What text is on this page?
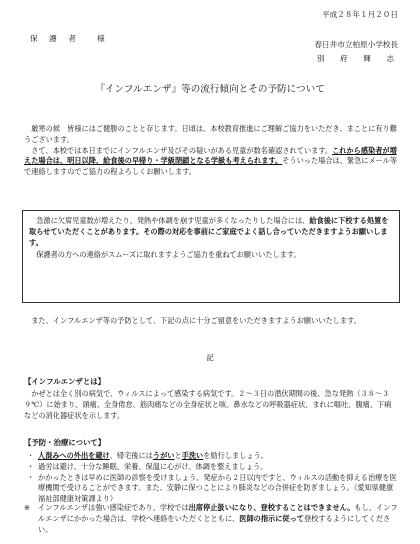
平成２８年１月２０日
保　護　者　　様
春日井市立柏原小学校長
別　府　輝　志
『インフルエンザ』等の流行傾向とその予防について
厳寒の候　皆様にはご健勝のことと存じます。日頃は、本校教育推進にご理解ご協力をいただき、まことに有り難うございます。
さて、本校では本日までにインフルエンザ及びその疑いがある児童が数名確認されています。これから感染者が増えた場合は、明日以降、給食後の早帰り・学級閉鎖となる学級も考えられます。そういった場合は、緊急にメール等で連絡しますのでご協力の程よろしくお願いします。
急激に欠席児童数が増えたり、発熱や体調を崩す児童が多くなったりした場合には、給食後に下校する処置を取らせていただくことがあります。その際の対応を事前にご家庭でよく話し合っていただきますようお願いします。
保護者の方への連絡がスムーズに取れますようご協力を重ねてお願いいたします。
また、インフルエンザ等の予防として、下記の点に十分ご留意をいただきますようお願いいたします。
記
【インフルエンザとは】
かぜとは全く別の病気で、ウィルスによって感染する病気です。２～３日の潜伏期間の後、急な発熱（３８～３９℃）に始まり、頭痛、全身倦怠、筋肉痛などの全身症状と咳、鼻水などの呼吸器症状、まれに嘔吐、腹痛、下痢などの消化器症状を示します。
【予防・治療について】
・ 人混みへの外出を避け、帰宅後にはうがいと手洗いを励行しましょう。
・ 過労は避け、十分な睡眠、栄養、保温に心がけ、体調を整えましょう。
・ かかったときは早めに医師の診察を受けましょう。発症から２日以内ですと、ウィルスの活動を抑える治療を医療機関で受けることができます。また、安静に保つことにより肺炎などの合併症を防ぎましょう。（愛知県健康福祉部健康対策課より）
※ インフルエンザは強い感染症であり、学校では出席停止扱いになり、登校することはできません。もし、インフルエンザにかかった場合は、学校へ連絡をいただくとともに、医師の指示に従って登校するようにしてください。
